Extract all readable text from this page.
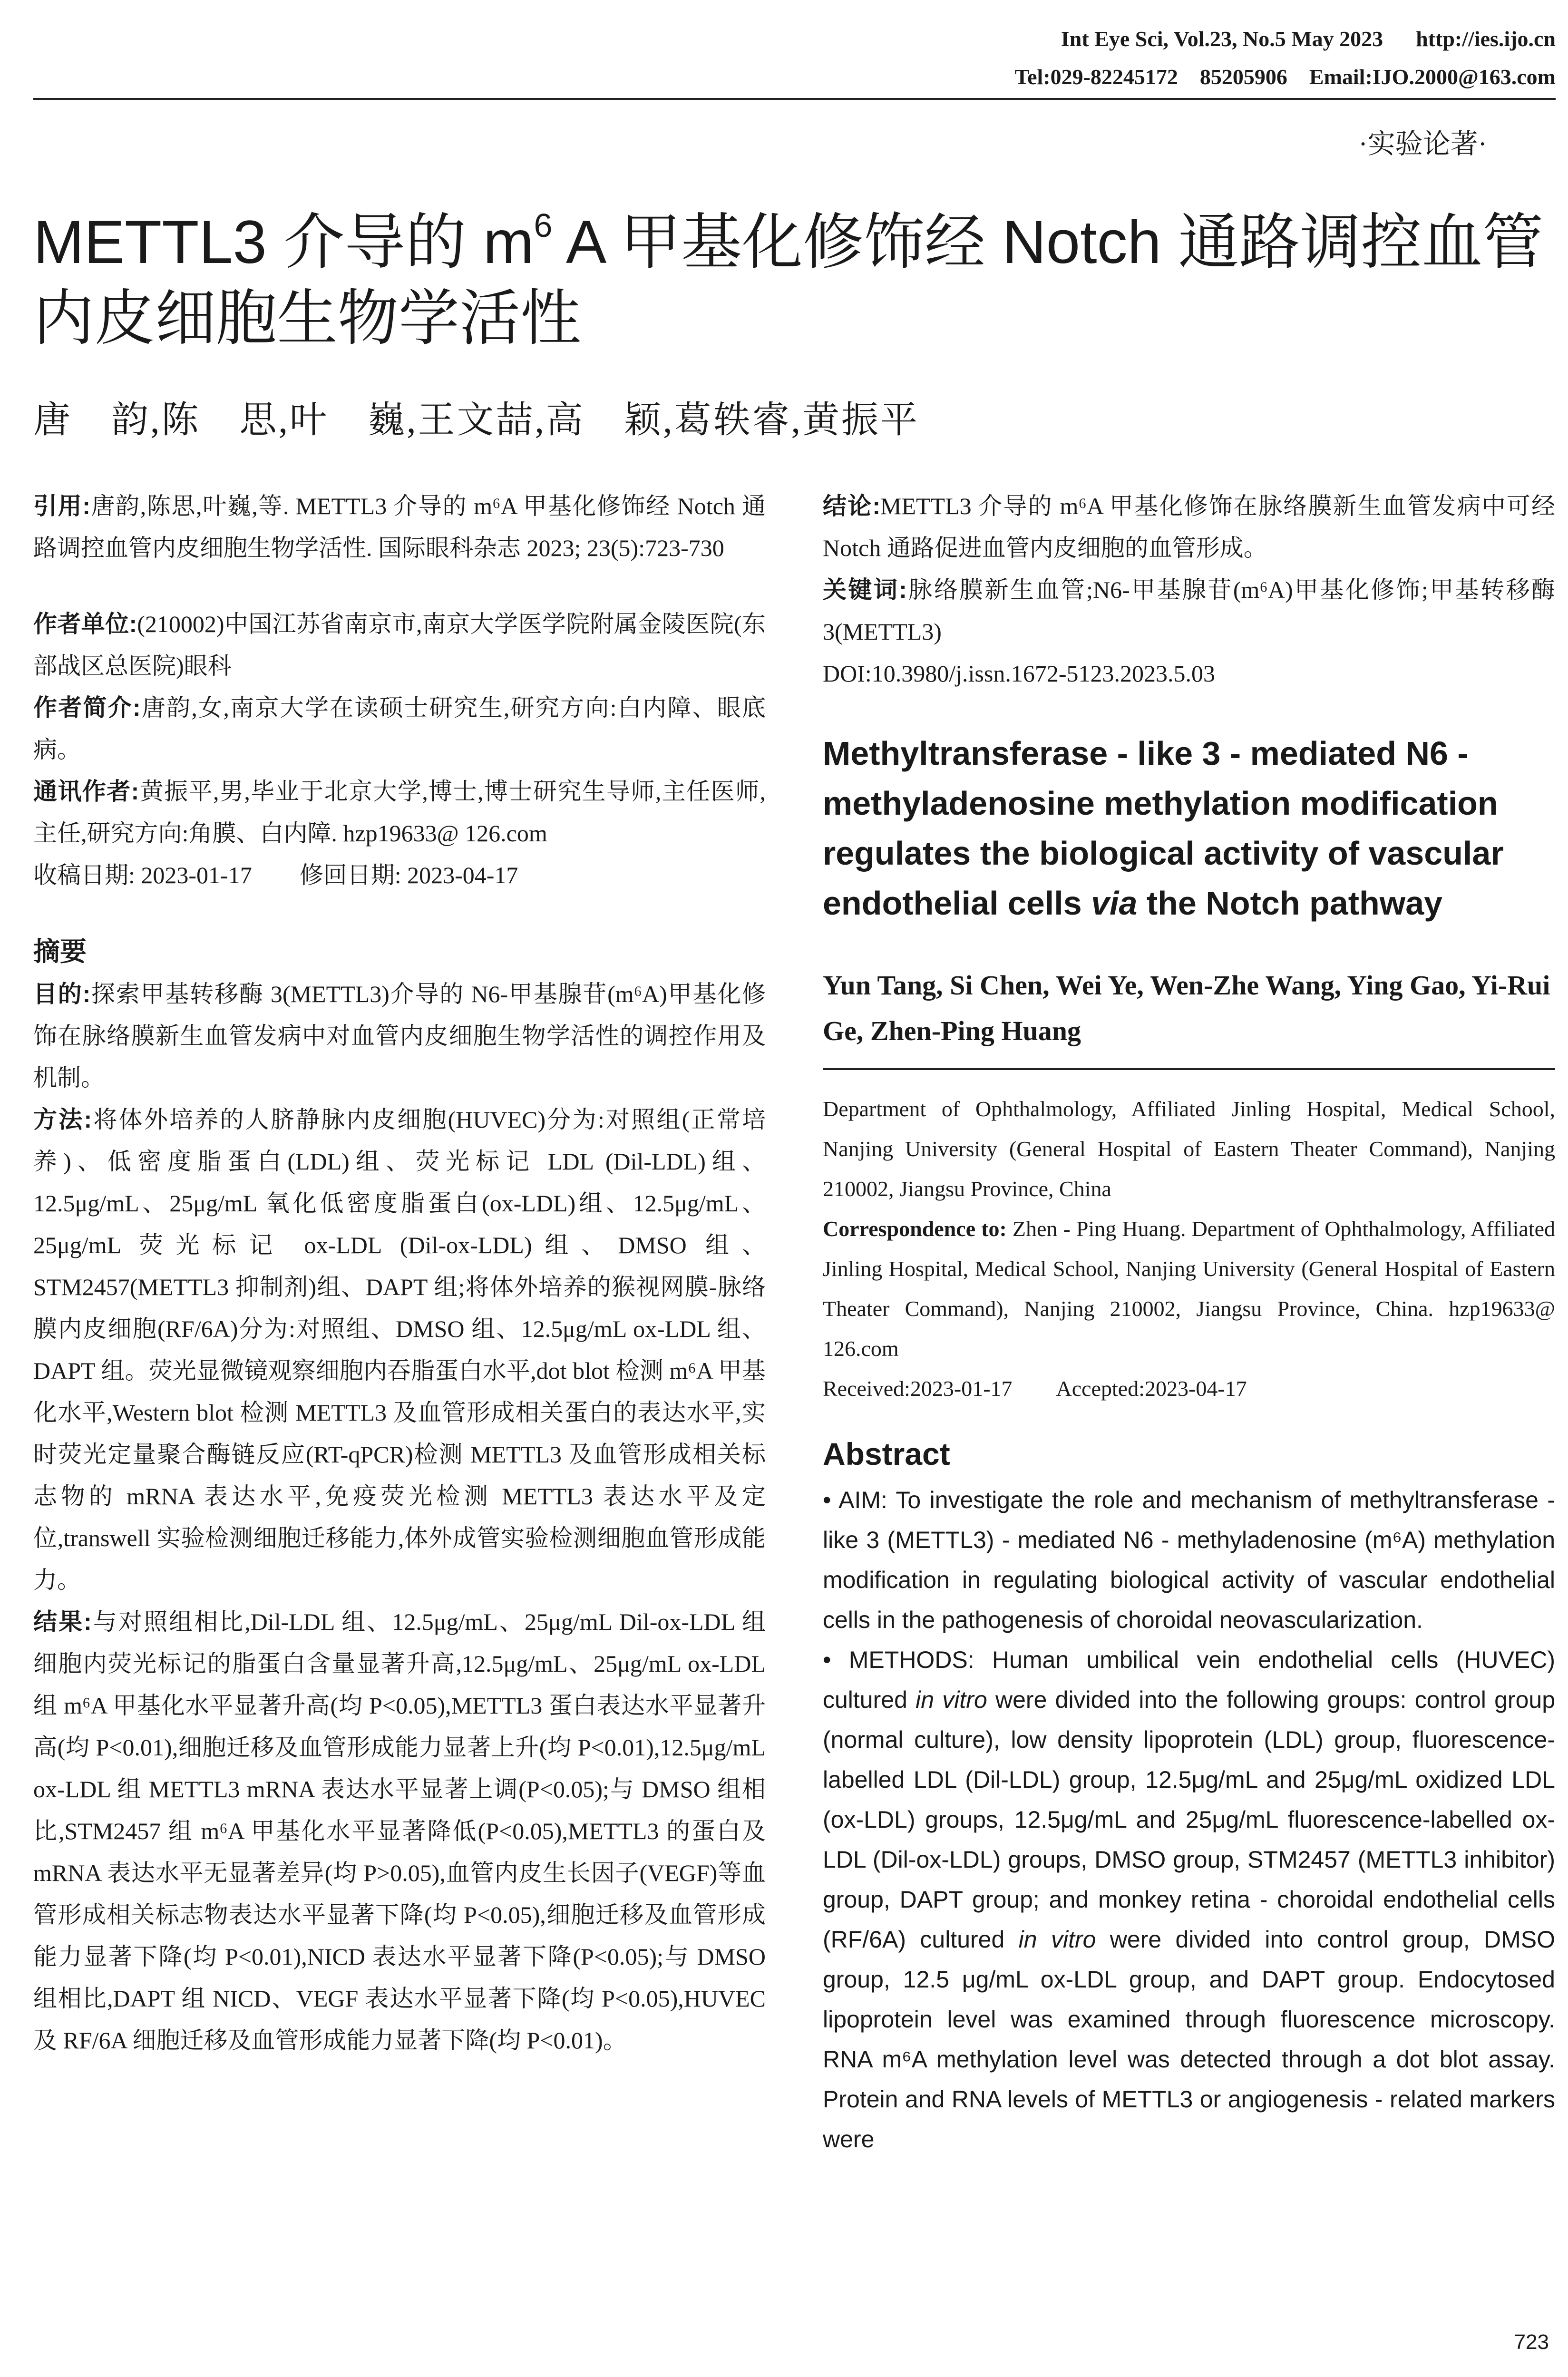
Int Eye Sci, Vol.23, No.5 May 2023      http://ies.ijo.cn
Tel:029-82245172    85205906    Email:IJO.2000@163.com
·实验论著·
METTL3 介导的 $m^6$ A 甲基化修饰经 Notch 通路调控血管内皮细胞生物学活性
唐　韵,陈　思,叶　巍,王文喆,高　颖,葛轶睿,黄振平

引用:唐韵,陈思,叶巍,等. METTL3 介导的 m⁶A 甲基化修饰经 Notch 通路调控血管内皮细胞生物学活性. 国际眼科杂志 2023; 23(5):723-730

作者单位:(210002)中国江苏省南京市,南京大学医学院附属金陵医院(东部战区总医院)眼科

作者简介:唐韵,女,南京大学在读硕士研究生,研究方向:白内障、眼底病。

通讯作者:黄振平,男,毕业于北京大学,博士,博士研究生导师,主任医师,主任,研究方向:角膜、白内障. hzp19633@ 126.com

收稿日期: 2023-01-17　　修回日期: 2023-04-17

摘要

目的:探索甲基转移酶 3(METTL3)介导的 N6-甲基腺苷(m⁶A)甲基化修饰在脉络膜新生血管发病中对血管内皮细胞生物学活性的调控作用及机制。

方法:将体外培养的人脐静脉内皮细胞(HUVEC)分为:对照组(正常培养)、低密度脂蛋白(LDL)组、荧光标记 LDL (Dil-LDL)组、12.5μg/mL、25μg/mL 氧化低密度脂蛋白(ox-LDL)组、12.5μg/mL、25μg/mL 荧光标记 ox-LDL (Dil-ox-LDL)组、DMSO 组、STM2457(METTL3 抑制剂)组、DAPT 组;将体外培养的猴视网膜-脉络膜内皮细胞(RF/6A)分为:对照组、DMSO 组、12.5μg/mL ox-LDL 组、DAPT 组。荧光显微镜观察细胞内吞脂蛋白水平,dot blot 检测 m⁶A 甲基化水平,Western blot 检测 METTL3 及血管形成相关蛋白的表达水平,实时荧光定量聚合酶链反应(RT-qPCR)检测 METTL3 及血管形成相关标志物的 mRNA 表达水平,免疫荧光检测 METTL3 表达水平及定位,transwell 实验检测细胞迁移能力,体外成管实验检测细胞血管形成能力。

结果:与对照组相比,Dil-LDL 组、12.5μg/mL、25μg/mL Dil-ox-LDL 组细胞内荧光标记的脂蛋白含量显著升高,12.5μg/mL、25μg/mL ox-LDL 组 m⁶A 甲基化水平显著升高(均 P<0.05),METTL3 蛋白表达水平显著升高(均 P<0.01),细胞迁移及血管形成能力显著上升(均 P<0.01),12.5μg/mL ox-LDL 组 METTL3 mRNA 表达水平显著上调(P<0.05);与 DMSO 组相比,STM2457 组 m⁶A 甲基化水平显著降低(P<0.05),METTL3 的蛋白及 mRNA 表达水平无显著差异(均 P>0.05),血管内皮生长因子(VEGF)等血管形成相关标志物表达水平显著下降(均 P<0.05),细胞迁移及血管形成能力显著下降(均 P<0.01),NICD 表达水平显著下降(P<0.05);与 DMSO 组相比,DAPT 组 NICD、VEGF 表达水平显著下降(均 P<0.05),HUVEC 及 RF/6A 细胞迁移及血管形成能力显著下降(均 P<0.01)。

结论:METTL3 介导的 m⁶A 甲基化修饰在脉络膜新生血管发病中可经 Notch 通路促进血管内皮细胞的血管形成。

关键词:脉络膜新生血管;N6-甲基腺苷(m⁶A)甲基化修饰;甲基转移酶 3(METTL3)

DOI:10.3980/j.issn.1672-5123.2023.5.03

Methyltransferase - like 3 - mediated N6 - methyladenosine methylation modification regulates the biological activity of vascular endothelial cells via the Notch pathway

Yun Tang, Si Chen, Wei Ye, Wen-Zhe Wang, Ying Gao, Yi-Rui Ge, Zhen-Ping Huang

Department of Ophthalmology, Affiliated Jinling Hospital, Medical School, Nanjing University (General Hospital of Eastern Theater Command), Nanjing 210002, Jiangsu Province, China

Correspondence to: Zhen - Ping Huang. Department of Ophthalmology, Affiliated Jinling Hospital, Medical School, Nanjing University (General Hospital of Eastern Theater Command), Nanjing 210002, Jiangsu Province, China. hzp19633@ 126.com

Received:2023-01-17　　Accepted:2023-04-17

Abstract

• AIM: To investigate the role and mechanism of methyltransferase - like 3 (METTL3) - mediated N6 - methyladenosine (m⁶A) methylation modification in regulating biological activity of vascular endothelial cells in the pathogenesis of choroidal neovascularization.

• METHODS: Human umbilical vein endothelial cells (HUVEC) cultured in vitro were divided into the following groups: control group (normal culture), low density lipoprotein (LDL) group, fluorescence-labelled LDL (Dil-LDL) group, 12.5μg/mL and 25μg/mL oxidized LDL (ox-LDL) groups, 12.5μg/mL and 25μg/mL fluorescence-labelled ox-LDL (Dil-ox-LDL) groups, DMSO group, STM2457 (METTL3 inhibitor) group, DAPT group; and monkey retina - choroidal endothelial cells (RF/6A) cultured in vitro were divided into control group, DMSO group, 12.5 μg/mL ox-LDL group, and DAPT group. Endocytosed lipoprotein level was examined through fluorescence microscopy. RNA m⁶A methylation level was detected through a dot blot assay. Protein and RNA levels of METTL3 or angiogenesis - related markers were

723
